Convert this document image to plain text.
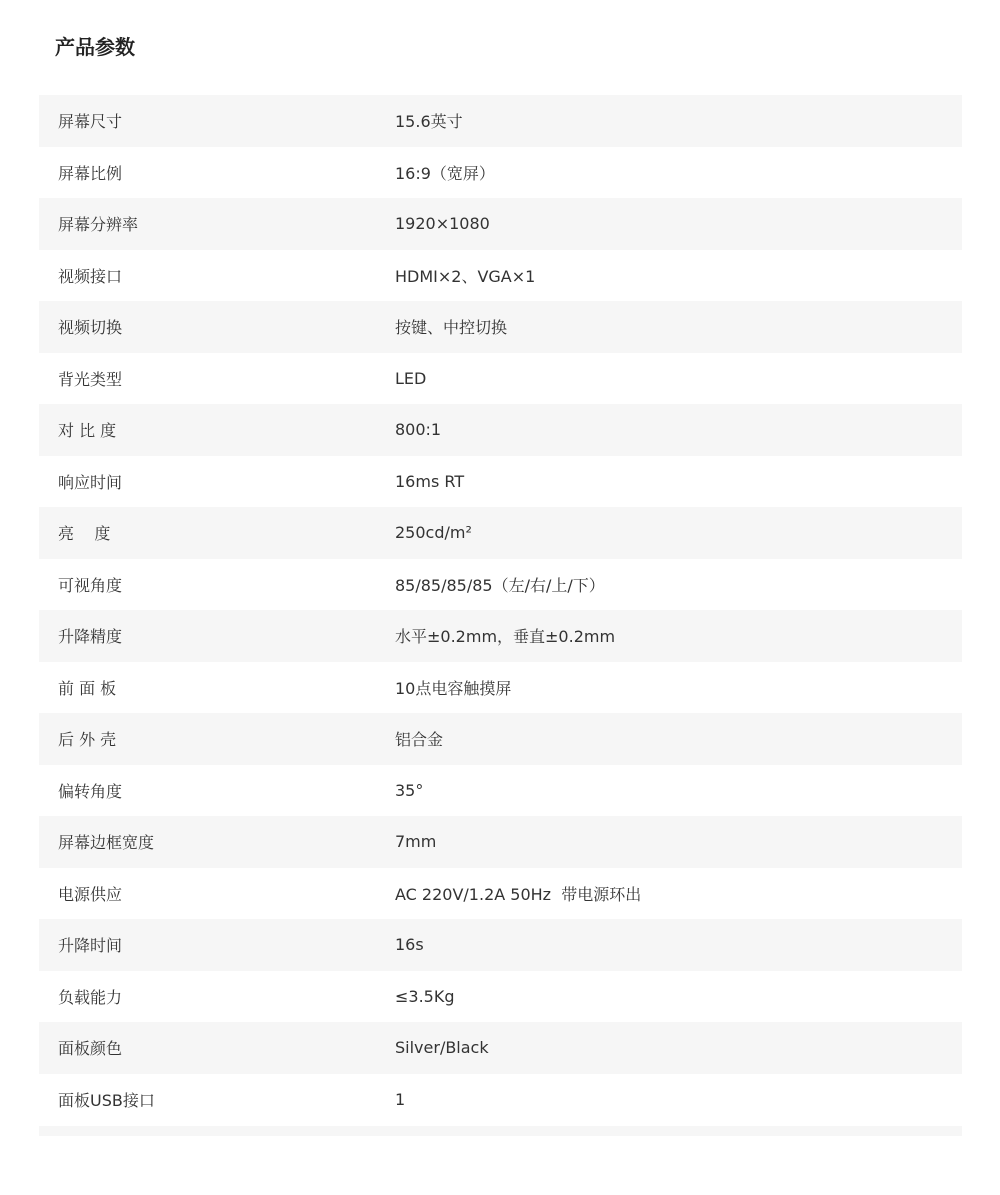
产品参数
屏幕尺寸	15.6英寸
屏幕比例	16:9（宽屏）
屏幕分辨率	1920×1080
视频接口	HDMI×2、VGA×1
视频切换	按键、中控切换
背光类型	LED
对 比 度	800:1
响应时间	16ms RT
亮    度	250cd/m²
可视角度	85/85/85/85（左/右/上/下）
升降精度	水平±0.2mm，垂直±0.2mm
前 面 板	10点电容触摸屏
后 外 壳	铝合金
偏转角度	35°
屏幕边框宽度	7mm
电源供应	AC 220V/1.2A 50Hz  带电源环出
升降时间	16s
负载能力	≤3.5Kg
面板颜色	Silver/Black
面板USB接口	1
